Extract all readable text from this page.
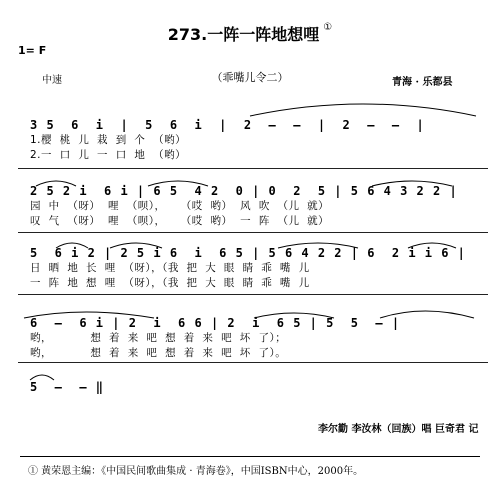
273.一阵一阵地想哩 ①
1= F
中速	（乖嘴儿令二）	青海 · 乐都县
3 5  6  i  |  5  6  i  |  2  –  –  |  2  –  –  |
1.樱  桃  儿  栽  到  个  （哟）
2.一  口  儿  一  口  地  （哟）
2 5 2 i  6 i | 6 5  4 2  0 | 0  2  5 | 5 6 4 3 2 2 |
园  中  （呀）  哩  （呗），    （哎  哟）  风  吹  （儿  就）
叹  气  （呀）  哩  （呗），    （哎  哟）  一  阵  （儿  就）
5  6 i 2 | 2 5 i 6  i  6 5 | 5 6 4 2 2 | 6  2 i i 6 |
日  晒  地  长  哩  （呀），（我  把  大  眼  睛  乖  嘴  儿
一  阵  地  想  哩  （呀），（我  把  大  眼  睛  乖  嘴  儿
6  –  6 i | 2  i  6 6 | 2  i  6 5 | 5  5  – |
哟，          想  着  来  吧  想  着  来  吧  坏  了）；
哟，          想  着  来  吧  想  着  来  吧  坏  了）。
5  –  – ‖
李尔勤 李汝林（回族）唱 巨奇君 记
① 黄荣恩主编：《中国民间歌曲集成 · 青海卷》，中国ISBN中心，2000年。
